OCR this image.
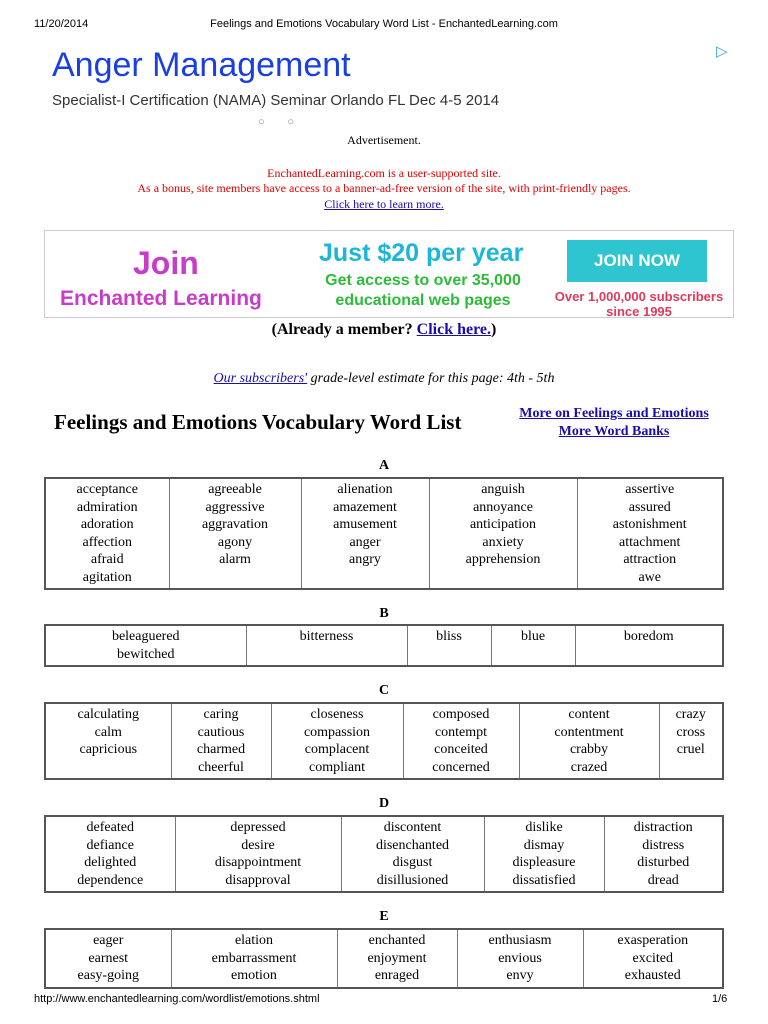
11/20/2014	Feelings and Emotions Vocabulary Word List - EnchantedLearning.com
Anger Management
Specialist-I Certification (NAMA) Seminar Orlando FL Dec 4-5 2014
○ ○
▷
Advertisement.
EnchantedLearning.com is a user-supported site.
As a bonus, site members have access to a banner-ad-free version of the site, with print-friendly pages.
Click here to learn more.
Join
Enchanted Learning
Just $20 per year
Get access to over 35,000 educational web pages
JOIN NOW
Over 1,000,000 subscribers since 1995
(Already a member? Click here.)
Our subscribers' grade-level estimate for this page: 4th - 5th
Feelings and Emotions Vocabulary Word List	More on Feelings and Emotions
More Word Banks
A
acceptance
admiration
adoration
affection
afraid
agitation

agreeable
aggressive
aggravation
agony
alarm

alienation
amazement
amusement
anger
angry

anguish
annoyance
anticipation
anxiety
apprehension

assertive
assured
astonishment
attachment
attraction
awe
B
beleaguered
bewitched

bitterness	bliss	blue	boredom
C
calculating
calm
capricious

caring
cautious
charmed
cheerful

closeness
compassion
complacent
compliant

composed
contempt
conceited
concerned

content
contentment
crabby
crazed

crazy
cross
cruel
D
defeated
defiance
delighted
dependence

depressed
desire
disappointment
disapproval

discontent
disenchanted
disgust
disillusioned

dislike
dismay
displeasure
dissatisfied

distraction
distress
disturbed
dread
E
eager
earnest
easy-going

elation
embarrassment
emotion

enchanted
enjoyment
enraged

enthusiasm
envious
envy

exasperation
excited
exhausted
http://www.enchantedlearning.com/wordlist/emotions.shtml	1/6
